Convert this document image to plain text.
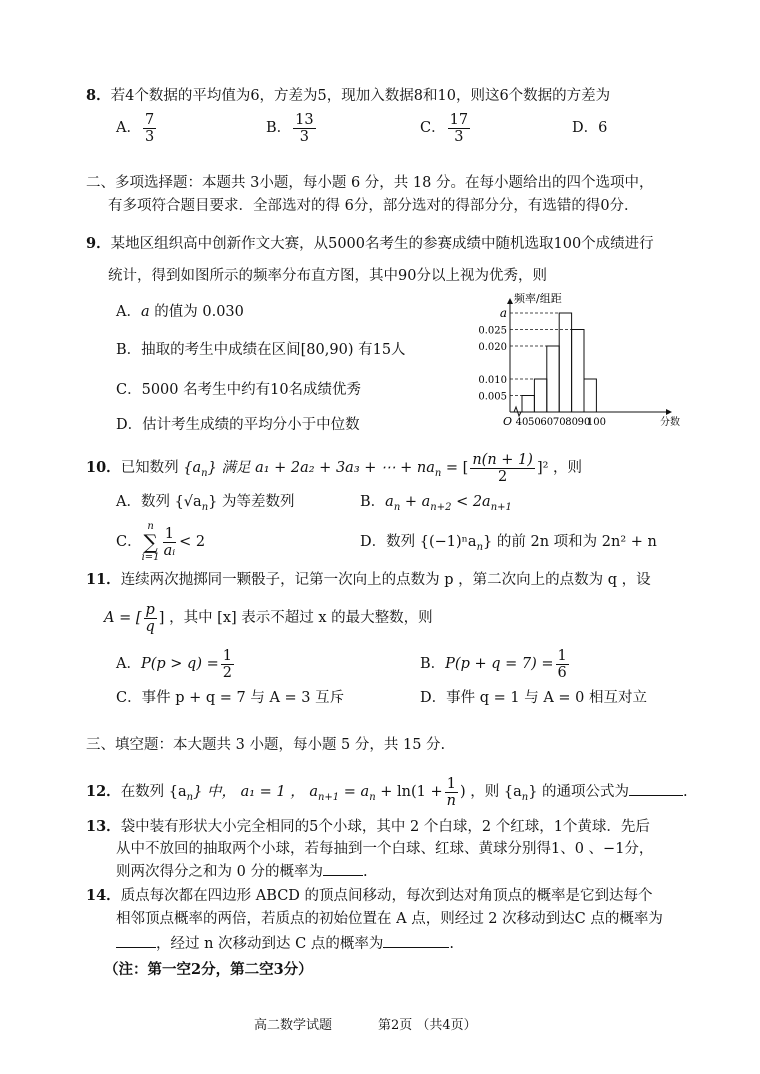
8．若4个数据的平均值为6，方差为5，现加入数据8和10，则这6个数据的方差为
A． $\frac{7}{3}$	B． $\frac{13}{3}$	C． $\frac{17}{3}$	D．6
二、多项选择题：本题共 3小题，每小题 6 分，共 18 分。在每小题给出的四个选项中，
有多项符合题目要求．全部选对的得 6分，部分选对的得部分分，有选错的得0分．
9．某地区组织高中创新作文大赛，从5000名考生的参赛成绩中随机选取100个成绩进行
统计，得到如图所示的频率分布直方图，其中90分以上视为优秀，则
A．a 的值为 0.030
B．抽取的考生中成绩在区间[80,90) 有15人
C．5000 名考生中约有10名成绩优秀
D．估计考生成绩的平均分小于中位数
0.005
0.010
0.020
0.025
a
40 50 60 70 80 90
100
O	分数
频率/组距
10．已知数列 $\{a_n\}$ 满足 a₁ + 2a₂ + 3a₃ + ⋯ + $na_n$ = [ $\frac{n(n + 1)}{2} ]^2$ ，则
A．数列 $\{√a_n\}$ 为等差数列	B．$a_n + a_{n+2} < 2a_{n+1}$
C．
n
∑
$i=1 \frac{1}{\text{aᵢ}} < 2$	D．数列 {(−1)ⁿa$_n$} 的前 2n 项和为 2n² + n
11．连续两次抛掷同一颗骰子，记第一次向上的点数为 p ，第二次向上的点数为 q ，设
A = [ $\frac{p}{q}$ ] ，其中 [x] 表示不超过 x 的最大整数，则
A．$P(p > q) = \frac{1}{2}$	B．$P(p + q = 7) = \frac{1}{6}$
C．事件 p + q = 7 与 A = 3 互斥	D．事件 q = 1 与 A = 0 相互对立
三、填空题：本大题共 3 小题，每小题 5 分，共 15 分.
12．在数列 $\{a_n\}$ 中， a₁ = 1 ， $a_{n+1} = a_n + \ln(1 + \frac{1}{n}$ ) ，则 $\{a_n\}$ 的通项公式为	.
13．袋中装有形状大小完全相同的5个小球，其中 2 个白球，2 个红球，1个黄球．先后
从中不放回的抽取两个小球，若每抽到一个白球、红球、黄球分别得1、0 、−1分，
则两次得分之和为 0 分的概率为	.
14．质点每次都在四边形 ABCD 的顶点间移动，每次到达对角顶点的概率是它到达每个
相邻顶点概率的两倍，若质点的初始位置在 A 点，则经过 2 次移动到达C 点的概率为
，经过 n 次移动到达 C 点的概率为	.
（注：第一空2分，第二空3分）
高二数学试题	第2页 （共4页）
